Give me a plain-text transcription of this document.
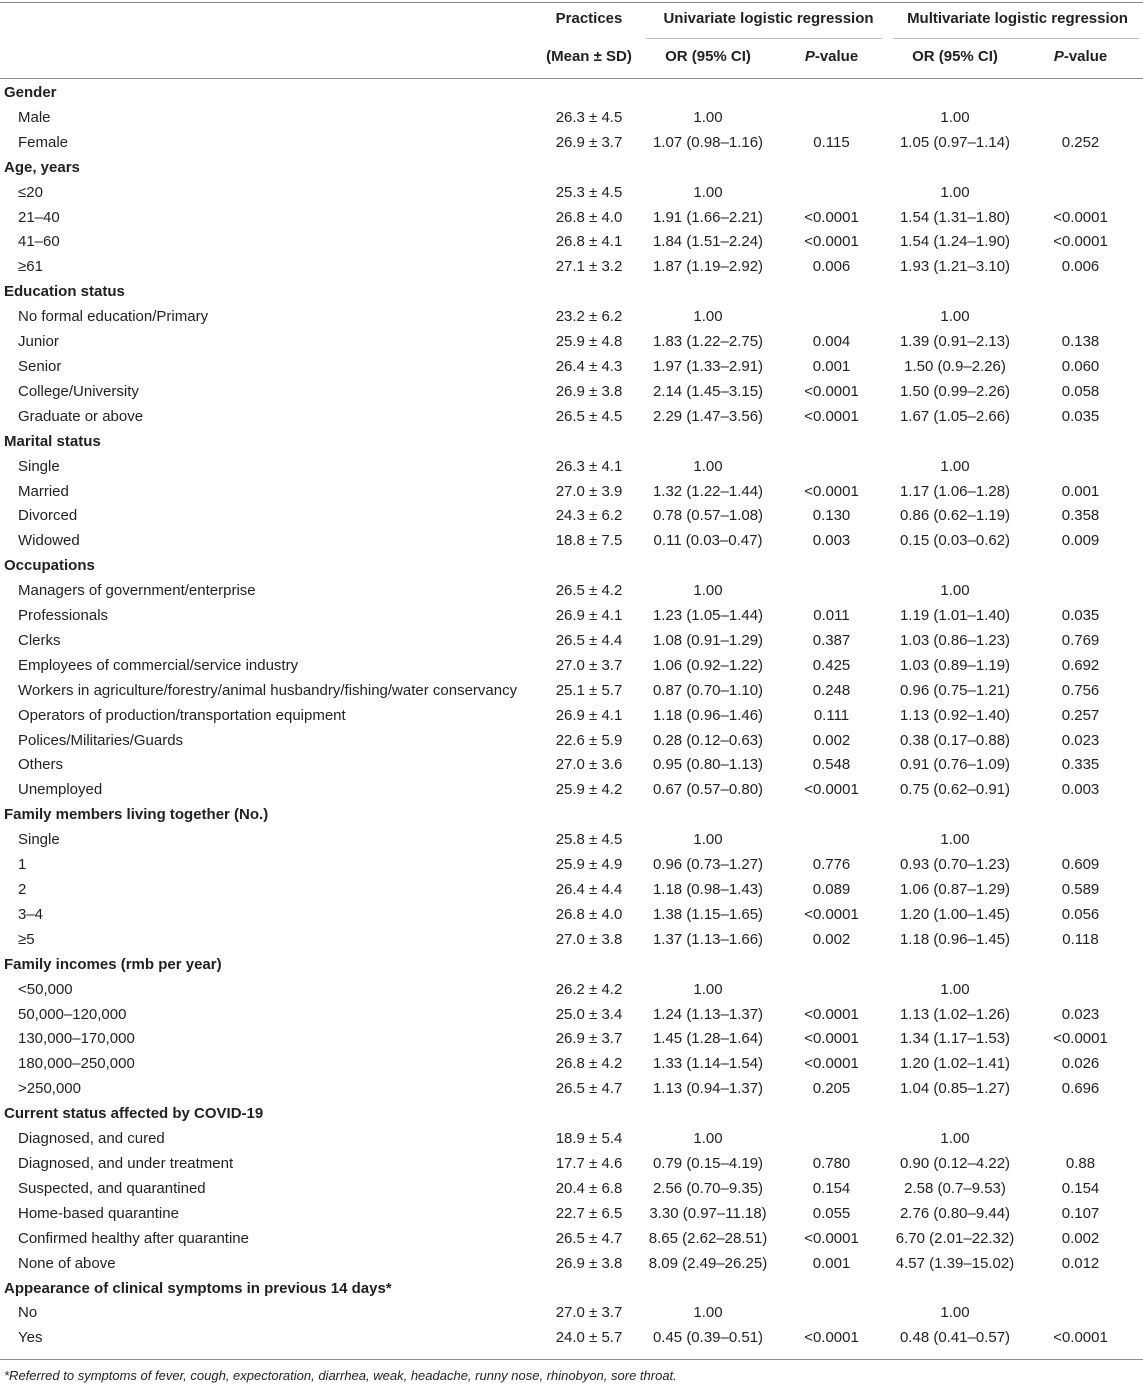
	Practices	Univariate logistic regression		Multivariate logistic regression	
	(Mean ± SD)	OR (95% CI)	P-value	OR (95% CI)	P-value

Gender					
Male	26.3 ± 4.5	1.00		1.00	
Female	26.9 ± 3.7	1.07 (0.98–1.16)	0.115	1.05 (0.97–1.14)	0.252
Age, years					
≤20	25.3 ± 4.5	1.00		1.00	
21–40	26.8 ± 4.0	1.91 (1.66–2.21)	<0.0001	1.54 (1.31–1.80)	<0.0001
41–60	26.8 ± 4.1	1.84 (1.51–2.24)	<0.0001	1.54 (1.24–1.90)	<0.0001
≥61	27.1 ± 3.2	1.87 (1.19–2.92)	0.006	1.93 (1.21–3.10)	0.006
Education status					
No formal education/Primary	23.2 ± 6.2	1.00		1.00	
Junior	25.9 ± 4.8	1.83 (1.22–2.75)	0.004	1.39 (0.91–2.13)	0.138
Senior	26.4 ± 4.3	1.97 (1.33–2.91)	0.001	1.50 (0.9–2.26)	0.060
College/University	26.9 ± 3.8	2.14 (1.45–3.15)	<0.0001	1.50 (0.99–2.26)	0.058
Graduate or above	26.5 ± 4.5	2.29 (1.47–3.56)	<0.0001	1.67 (1.05–2.66)	0.035
Marital status					
Single	26.3 ± 4.1	1.00		1.00	
Married	27.0 ± 3.9	1.32 (1.22–1.44)	<0.0001	1.17 (1.06–1.28)	0.001
Divorced	24.3 ± 6.2	0.78 (0.57–1.08)	0.130	0.86 (0.62–1.19)	0.358
Widowed	18.8 ± 7.5	0.11 (0.03–0.47)	0.003	0.15 (0.03–0.62)	0.009
Occupations					
Managers of government/enterprise	26.5 ± 4.2	1.00		1.00	
Professionals	26.9 ± 4.1	1.23 (1.05–1.44)	0.011	1.19 (1.01–1.40)	0.035
Clerks	26.5 ± 4.4	1.08 (0.91–1.29)	0.387	1.03 (0.86–1.23)	0.769
Employees of commercial/service industry	27.0 ± 3.7	1.06 (0.92–1.22)	0.425	1.03 (0.89–1.19)	0.692
Workers in agriculture/forestry/animal husbandry/fishing/water conservancy	25.1 ± 5.7	0.87 (0.70–1.10)	0.248	0.96 (0.75–1.21)	0.756
Operators of production/transportation equipment	26.9 ± 4.1	1.18 (0.96–1.46)	0.111	1.13 (0.92–1.40)	0.257
Polices/Militaries/Guards	22.6 ± 5.9	0.28 (0.12–0.63)	0.002	0.38 (0.17–0.88)	0.023
Others	27.0 ± 3.6	0.95 (0.80–1.13)	0.548	0.91 (0.76–1.09)	0.335
Unemployed	25.9 ± 4.2	0.67 (0.57–0.80)	<0.0001	0.75 (0.62–0.91)	0.003
Family members living together (No.)					
Single	25.8 ± 4.5	1.00		1.00	
1	25.9 ± 4.9	0.96 (0.73–1.27)	0.776	0.93 (0.70–1.23)	0.609
2	26.4 ± 4.4	1.18 (0.98–1.43)	0.089	1.06 (0.87–1.29)	0.589
3–4	26.8 ± 4.0	1.38 (1.15–1.65)	<0.0001	1.20 (1.00–1.45)	0.056
≥5	27.0 ± 3.8	1.37 (1.13–1.66)	0.002	1.18 (0.96–1.45)	0.118
Family incomes (rmb per year)					
<50,000	26.2 ± 4.2	1.00		1.00	
50,000–120,000	25.0 ± 3.4	1.24 (1.13–1.37)	<0.0001	1.13 (1.02–1.26)	0.023
130,000–170,000	26.9 ± 3.7	1.45 (1.28–1.64)	<0.0001	1.34 (1.17–1.53)	<0.0001
180,000–250,000	26.8 ± 4.2	1.33 (1.14–1.54)	<0.0001	1.20 (1.02–1.41)	0.026
>250,000	26.5 ± 4.7	1.13 (0.94–1.37)	0.205	1.04 (0.85–1.27)	0.696
Current status affected by COVID-19					
Diagnosed, and cured	18.9 ± 5.4	1.00		1.00	
Diagnosed, and under treatment	17.7 ± 4.6	0.79 (0.15–4.19)	0.780	0.90 (0.12–4.22)	0.88
Suspected, and quarantined	20.4 ± 6.8	2.56 (0.70–9.35)	0.154	2.58 (0.7–9.53)	0.154
Home-based quarantine	22.7 ± 6.5	3.30 (0.97–11.18)	0.055	2.76 (0.80–9.44)	0.107
Confirmed healthy after quarantine	26.5 ± 4.7	8.65 (2.62–28.51)	<0.0001	6.70 (2.01–22.32)	0.002
None of above	26.9 ± 3.8	8.09 (2.49–26.25)	0.001	4.57 (1.39–15.02)	0.012
Appearance of clinical symptoms in previous 14 days*					
No	27.0 ± 3.7	1.00		1.00	
Yes	24.0 ± 5.7	0.45 (0.39–0.51)	<0.0001	0.48 (0.41–0.57)	<0.0001
*Referred to symptoms of fever, cough, expectoration, diarrhea, weak, headache, runny nose, rhinobyon, sore throat.
